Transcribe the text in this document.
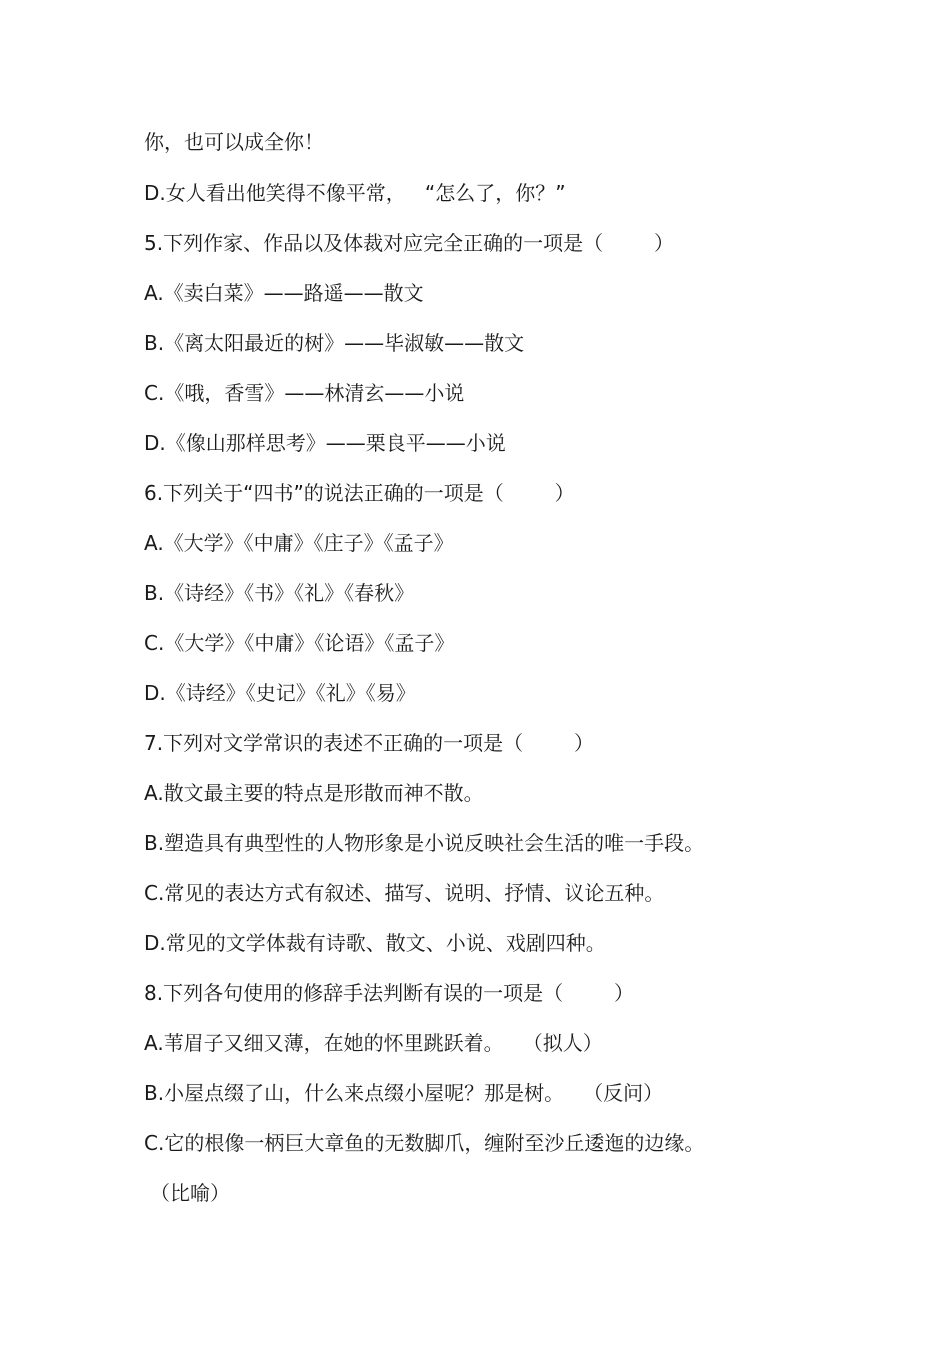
你，也可以成全你！
D.女人看出他笑得不像平常，   “怎么了，你？”
5.下列作家、作品以及体裁对应完全正确的一项是（        ）
A.《卖白菜》——路遥——散文
B.《离太阳最近的树》——毕淑敏——散文
C.《哦，香雪》——林清玄——小说
D.《像山那样思考》——栗良平——小说
6.下列关于“四书”的说法正确的一项是（        ）
A.《大学》《中庸》《庄子》《孟子》
B.《诗经》《书》《礼》《春秋》
C.《大学》《中庸》《论语》《孟子》
D.《诗经》《史记》《礼》《易》
7.下列对文学常识的表述不正确的一项是（        ）
A.散文最主要的特点是形散而神不散。
B.塑造具有典型性的人物形象是小说反映社会生活的唯一手段。
C.常见的表达方式有叙述、描写、说明、抒情、议论五种。
D.常见的文学体裁有诗歌、散文、小说、戏剧四种。
8.下列各句使用的修辞手法判断有误的一项是（        ）
A.苇眉子又细又薄，在她的怀里跳跃着。   （拟人）
B.小屋点缀了山，什么来点缀小屋呢？那是树。   （反问）
C.它的根像一柄巨大章鱼的无数脚爪，缠附至沙丘逶迤的边缘。
（比喻）
